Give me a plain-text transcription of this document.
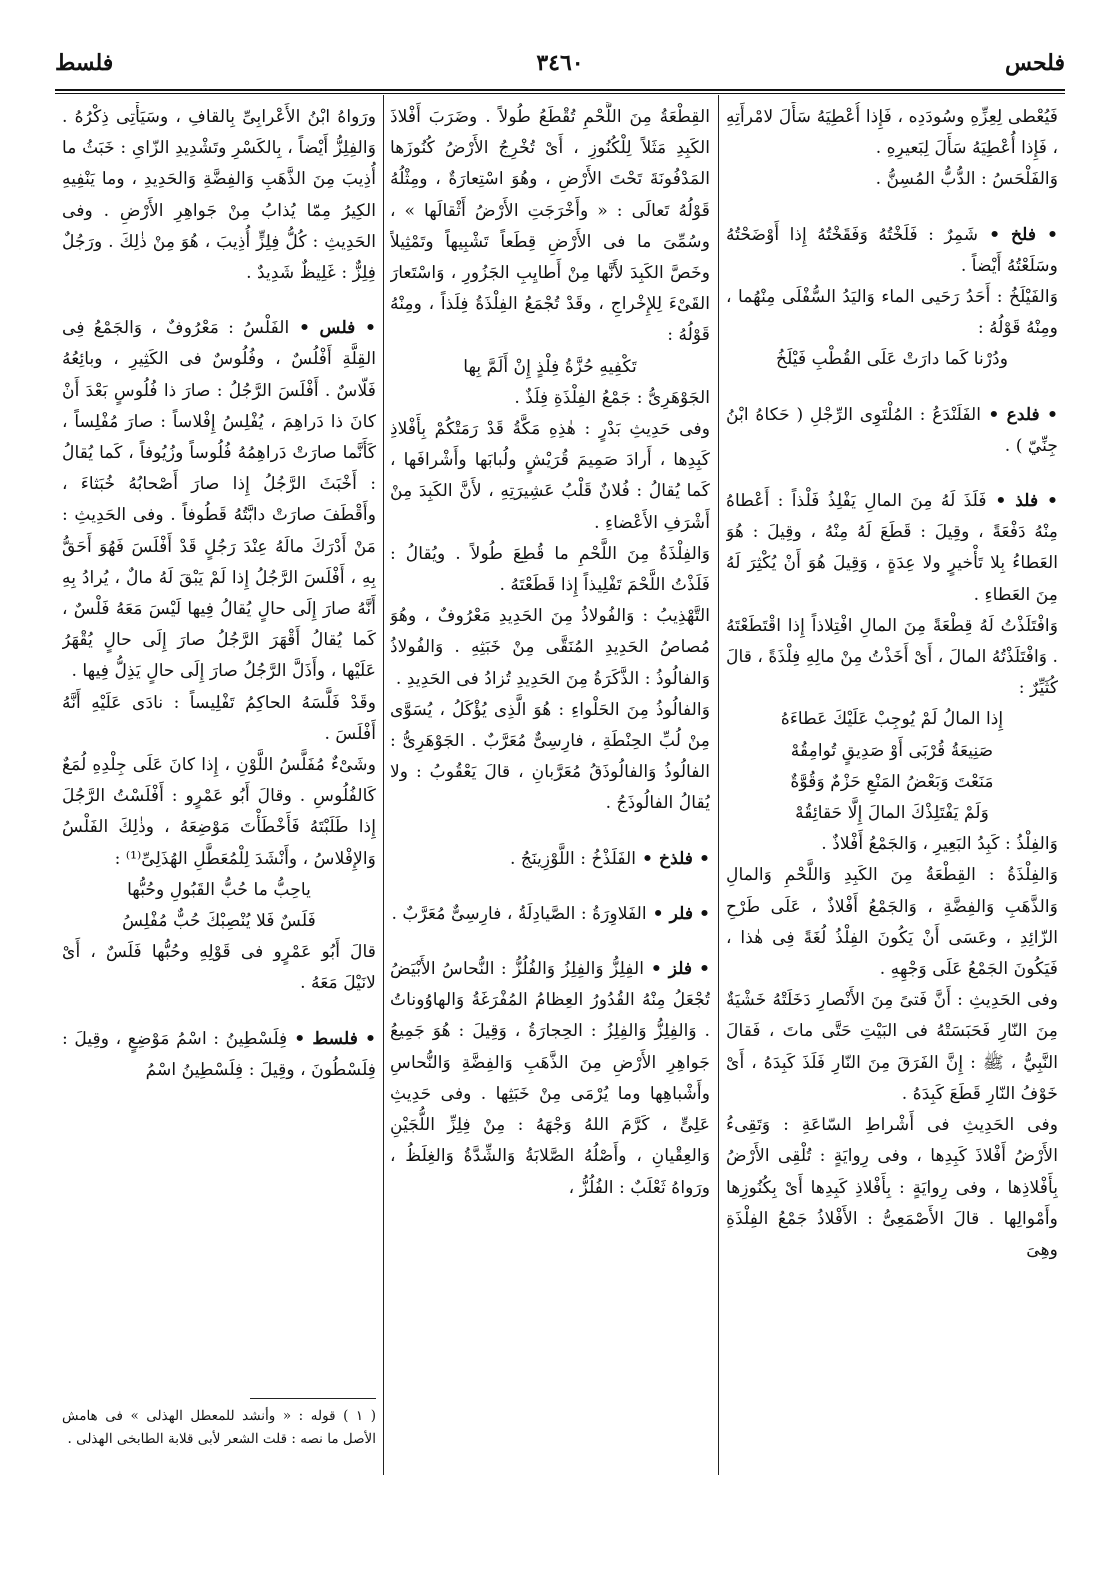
٣٤٦٠	فلحس
فلسط

فَيُعْطى لِعِزِّهِ وسُودَدِه ، فَإِذا أُعْطِيَهُ سَأَلَ لامْرأَتِهِ ، فَإِذا أُعْطِيَهُ سَأَلَ لِبَعيرِهِ .

وَالفَلْحَسُ : الدُّبُّ المُسِنُّ .

• فلخ • شَمِرٌ : فَلَخْتُهُ وَفَقَخْتُهُ إِذا أَوْضَحْتُهُ وسَلَعْتُهُ أَيْضاً .

وَالفَيْلَخُ : أَحَدُ رَحَيى الماء وَاليَدُ السُّفْلَى مِنْهُما ، ومِنْهُ قَوْلُهُ :

ودُرْنا كَما دارَتْ عَلَى القُطْبِ فَيْلَخُ

• فلدع • الفَلَنْدَعُ : المُلْتَوِى الرِّجْلِ ( حَكاهُ ابْنُ جِنِّيّ ) .

• فلذ • فَلَذَ لَهُ مِنَ المالِ يَفْلِذُ فَلْذاً : أَعْطاهُ مِنْهُ دَفْعَةً ، وقِيلَ : قَطَعَ لَهُ مِنْهُ ، وقِيلَ : هُوَ العَطاءُ بِلا تَأْخيرٍ ولا عِدَةٍ ، وَقِيلَ هُوَ أَنْ يُكْثِرَ لَهُ مِنَ العَطاءِ .

وَافْتَلَذْتُ لَهُ قِطْعَةً مِنَ المالِ افْتِلاذاً إِذا اقْتَطَعْتَهُ . وَافْتَلَذْتُهُ المالَ ، أَىْ أَخَذْتُ مِنْ مالِهِ فِلْذَةً ، قالَ كُثَيِّرٌ :

إِذا المالُ لَمْ يُوجِبْ عَلَيْكَ عَطاءَهُ

صَنِيعَةُ قُرْبَى أَوْ صَدِيقٍ تُوامِقُهْ

مَنَعْتَ وَبَعْضُ المَنْعِ حَزْمٌ وَقُوَّةٌ

وَلَمْ يَفْتَلِذْكَ المالَ إِلَّا حَقائِقُهْ

وَالفِلْذُ : كَبِدُ البَعِيرِ ، وَالجَمْعُ أَفْلاذٌ .

وَالفِلْذَةُ : القِطْعَةُ مِنَ الكَبِدِ وَاللَّحْمِ وَالمالِ وَالذَّهَبِ وَالفِضَّةِ ، وَالجَمْعُ أَفْلاذٌ ، عَلَى طَرْحِ الزّائِدِ ، وعَسَى أَنْ يَكُونَ الفِلْذُ لُغَةً فِى هٰذا ، فَيَكُونَ الجَمْعُ عَلَى وَجْهِهِ .

وفى الحَدِيثِ : أَنَّ فَتىً مِنَ الأَنْصارِ دَخَلَتْهُ خَشْيَةٌ مِنَ النّارِ فَحَبَسَتْهُ فى البَيْتِ حَتَّى ماتَ ، فَقالَ النَّبِيُّ ، ﷺ : إِنَّ الفَرَقَ مِنَ النّارِ فَلَذَ كَبِدَهُ ، أَىْ خَوْفُ النّارِ قَطَعَ كَبِدَهُ .

وفى الحَدِيثِ فى أَشْراطِ السّاعَةِ : وَتَقِىءُ الأَرْضُ أَفْلاذَ كَبِدِها ، وفى رِوايَةٍ : تُلْقِى الأَرْضُ بِأَفْلاذِها ، وفى رِوايَةٍ : بِأَفْلاذِ كَبِدِها أَىْ بِكُنُوزِها وأَمْوالِها . قالَ الأَصْمَعِىُّ : الأَفْلاذُ جَمْعُ الفِلْذَةِ وهِىَ

القِطْعَةُ مِنَ اللَّحْمِ تُقْطَعُ طُولاً . وضَرَبَ أَفْلاذَ الكَبِدِ مَثَلاً لِلْكُنُوزِ ، أَىْ تُخْرِجُ الأَرْضُ كُنُوزَها المَدْفُونَةَ تَحْتَ الأَرْضِ ، وهُوَ اسْتِعارَةٌ ، ومِثْلُهُ قَوْلُهُ تَعالَى : « وأَخْرَجَتِ الأَرْضُ أَثْقالَها » ، وسُمِّىَ ما فى الأَرْضِ قِطَعاً تَشْبِيهاً وتَمْثِيلاً وخَصَّ الكَبِدَ لأَنَّها مِنْ أَطايِبِ الجَزُورِ ، وَاسْتَعارَ القَىْءَ لِلإِخْراجِ ، وقَدْ تُجْمَعُ الفِلْذَةُ فِلَذاً ، ومِنْهُ قَوْلُهُ :

تَكْفِيهِ حُزَّةُ فِلْذٍ إِنْ أَلَمَّ بِها

الجَوْهَرِىُّ : جَمْعُ الفِلْذَةِ فِلَذٌ .

وفى حَدِيثِ بَدْرٍ : هٰذِهِ مَكَّةُ قَدْ رَمَتْكُمْ بِأَفْلاذِ كَبِدِها ، أَرادَ صَمِيمَ قُرَيْشٍ ولُبابَها وأَشْرافَها ، كَما يُقالُ : فُلانٌ قَلْبُ عَشِيرَتِهِ ، لأَنَّ الكَبِدَ مِنْ أَشْرَفِ الأَعْضاءِ .

وَالفِلْذَةُ مِنَ اللَّحْمِ ما قُطِعَ طُولاً . ويُقالُ : فَلَذْتُ اللَّحْمَ تَفْلِيذاً إِذا قَطَعْتَهُ .

التَّهْذِيبُ : وَالفُولاذُ مِنَ الحَدِيدِ مَعْرُوفٌ ، وهُوَ مُصاصُ الحَدِيدِ المُنَقَّى مِنْ خَبَثِهِ . وَالفُولاذُ وَالفالُوذُ : الذَّكَرَةُ مِنَ الحَدِيدِ تُزادُ فى الحَدِيدِ .

وَالفالُوذُ مِنَ الحَلْواءِ : هُوَ الَّذِى يُؤْكَلُ ، يُسَوَّى مِنْ لُبِّ الحِنْطَةِ ، فارِسِىٌّ مُعَرَّبٌ . الجَوْهَرِىُّ : الفالُوذُ وَالفالُوذَقُ مُعَرَّبانِ ، قالَ يَعْقُوبُ : ولا يُقالُ الفالُوذَجُ .

• فلذخ • الفَلَذْخُ : اللَّوْزِينَجُ .

• فلر • الفَلاوِرَةُ : الصَّيادِلَةُ ، فارِسِىٌّ مُعَرَّبٌ .

• فلز • الفِلِزُّ وَالفِلِزُ وَالفُلُزُّ : النُّحاسُ الأَبْيَضُ تُجْعَلُ مِنْهُ القُدُورُ العِظامُ المُفْرَغَةُ وَالهاوُوناتُ . وَالفِلِزُّ وَالفِلِزُ : الحِجارَةُ ، وَقِيلَ : هُوَ جَمِيعُ جَواهِرِ الأَرْضِ مِنَ الذَّهَبِ وَالفِضَّةِ وَالنُّحاسِ وأَشْباهِها وما يُرْمَى مِنْ خَبَثِها . وفى حَدِيثِ عَلِىٍّ ، كَرَّمَ اللهُ وَجْهَهُ : مِنْ فِلِزِّ اللُّجَيْنِ وَالعِقْيانِ ، وأَصْلُهُ الصَّلابَةُ وَالشِّدَّةُ وَالغِلَظُ ، ورَواهُ ثَعْلَبٌ : الفُلُزُّ ،

ورَواهُ ابْنُ الأَعْرابِىِّ بِالقافِ ، وسَيَأْتِى ذِكْرُهُ . وَالفِلِزُّ أَيْضاً ، بِالكَسْرِ وتَشْدِيدِ الزّاىِ : خَبَثُ ما أُذِيبَ مِنَ الذَّهَبِ وَالفِضَّةِ وَالحَدِيدِ ، وما يَنْفِيهِ الكِيرُ مِمّا يُذابُ مِنْ جَواهِرِ الأَرْضِ . وفى الحَدِيثِ : كُلُّ فِلِزٍّ أُذِيبَ ، هُوَ مِنْ ذٰلِكَ . ورَجُلٌ فِلِزٌّ : غَلِيظٌ شَدِيدٌ .

• فلس • الفَلْسُ : مَعْرُوفٌ ، وَالجَمْعُ فِى القِلَّةِ أَفْلُسٌ ، وفُلُوسٌ فى الكَثِيرِ ، وبائِعُهُ فَلّاسٌ . أَفْلَسَ الرَّجُلُ : صارَ ذا فُلُوسٍ بَعْدَ أَنْ كانَ ذا دَراهِمَ ، يُفْلِسُ إِفْلاساً : صارَ مُفْلِساً ، كَأَنَّما صارَتْ دَراهِمُهُ فُلُوساً وزُيُوفاً ، كَما يُقالُ : أَخْبَثَ الرَّجُلُ إِذا صارَ أَصْحابُهُ خُبَثاءَ ، وأَقْطَفَ صارَتْ دابَّتُهُ قَطُوفاً . وفى الحَدِيثِ : مَنْ أَدْرَكَ مالَهُ عِنْدَ رَجُلٍ قَدْ أَفْلَسَ فَهُوَ أَحَقُّ بِهِ ، أَفْلَسَ الرَّجُلُ إِذا لَمْ يَبْقَ لَهُ مالٌ ، يُرادُ بِهِ أَنَّهُ صارَ إِلَى حالٍ يُقالُ فِيها لَيْسَ مَعَهُ فَلْسٌ ، كَما يُقالُ أَقْهَرَ الرَّجُلُ صارَ إِلَى حالٍ يُقْهَرُ عَلَيْها ، وأَذَلَّ الرَّجُلُ صارَ إِلَى حالٍ يَذِلُّ فِيها .

وقَدْ فَلَّسَهُ الحاكِمُ تَفْلِيساً : نادَى عَلَيْهِ أَنَّهُ أَفْلَسَ .

وشَىْءٌ مُفَلَّسُ اللَّوْنِ ، إِذا كانَ عَلَى جِلْدِهِ لُمَعٌ كَالفُلُوسِ . وقالَ أَبُو عَمْرٍو : أَفْلَسْتُ الرَّجُلَ إِذا طَلَبْتَهُ فَأَخْطَأْتَ مَوْضِعَهُ ، وذٰلِكَ الفَلْسُ وَالإِفْلاسُ ، وأَنْشَدَ لِلْمُعَطَّلِ الهُذَلِىِّ⁽¹⁾ :

ياحِبُّ ما حُبُّ القَبُولِ وحُبُّها

فَلَسٌ فَلا يُنْصِبْكَ حُبٌّ مُفْلِسُ

قالَ أَبُو عَمْرٍو فى قَوْلِهِ وحُبُّها فَلَسٌ ، أَىْ لانَيْلَ مَعَهُ .

• فلسط • فِلَسْطِينُ : اسْمُ مَوْضِعٍ ، وقِيلَ : فِلَسْطُونَ ، وقِيلَ : فِلَسْطِينُ اسْمُ

( ١ ) قوله : « وأنشد للمعطل الهذلى » فى هامش الأصل ما نصه : قلت الشعر لأبى قلابة الطابخى الهذلى .
